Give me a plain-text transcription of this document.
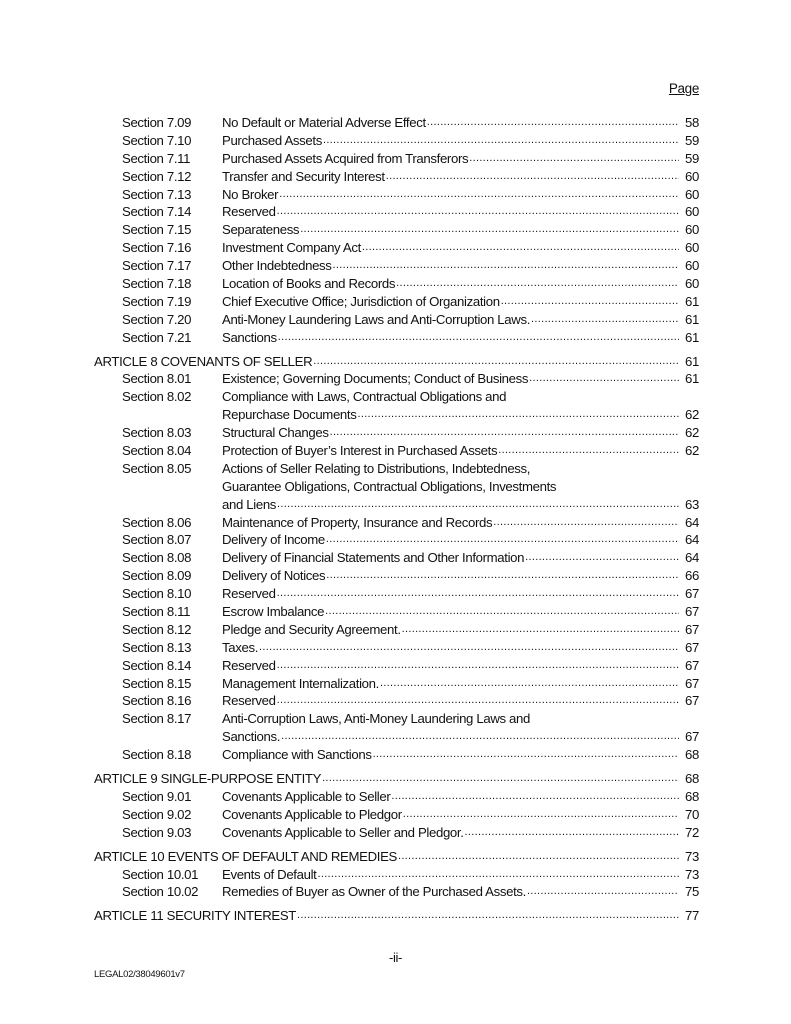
Page
Section 7.09	No Default or Material Adverse Effect .....	58
Section 7.10	Purchased Assets .....	59
Section 7.11	Purchased Assets Acquired from Transferors .....	59
Section 7.12	Transfer and Security Interest .....	60
Section 7.13	No Broker .....	60
Section 7.14	Reserved .....	60
Section 7.15	Separateness .....	60
Section 7.16	Investment Company Act .....	60
Section 7.17	Other Indebtedness .....	60
Section 7.18	Location of Books and Records .....	60
Section 7.19	Chief Executive Office; Jurisdiction of Organization .....	61
Section 7.20	Anti-Money Laundering Laws and Anti-Corruption Laws. .....	61
Section 7.21	Sanctions .....	61
ARTICLE 8 COVENANTS OF SELLER .....	61
Section 8.01	Existence; Governing Documents; Conduct of Business .....	61
Section 8.02	Compliance with Laws, Contractual Obligations and
Repurchase Documents .....	62
Section 8.03	Structural Changes .....	62
Section 8.04	Protection of Buyer’s Interest in Purchased Assets .....	62
Section 8.05	Actions of Seller Relating to Distributions, Indebtedness,
Guarantee Obligations, Contractual Obligations, Investments
and Liens .....	63
Section 8.06	Maintenance of Property, Insurance and Records .....	64
Section 8.07	Delivery of Income .....	64
Section 8.08	Delivery of Financial Statements and Other Information .....	64
Section 8.09	Delivery of Notices .....	66
Section 8.10	Reserved .....	67
Section 8.11	Escrow Imbalance .....	67
Section 8.12	Pledge and Security Agreement. .....	67
Section 8.13	Taxes. .....	67
Section 8.14	Reserved .....	67
Section 8.15	Management Internalization. .....	67
Section 8.16	Reserved .....	67
Section 8.17	Anti-Corruption Laws, Anti-Money Laundering Laws and
Sanctions. .....	67
Section 8.18	Compliance with Sanctions .....	68
ARTICLE 9 SINGLE-PURPOSE ENTITY .....	68
Section 9.01	Covenants Applicable to Seller .....	68
Section 9.02	Covenants Applicable to Pledgor .....	70
Section 9.03	Covenants Applicable to Seller and Pledgor. .....	72
ARTICLE 10 EVENTS OF DEFAULT AND REMEDIES .....	73
Section 10.01	Events of Default .....	73
Section 10.02	Remedies of Buyer as Owner of the Purchased Assets. .....	75
ARTICLE 11 SECURITY INTEREST .....	77
-ii-
LEGAL02/38049601v7
